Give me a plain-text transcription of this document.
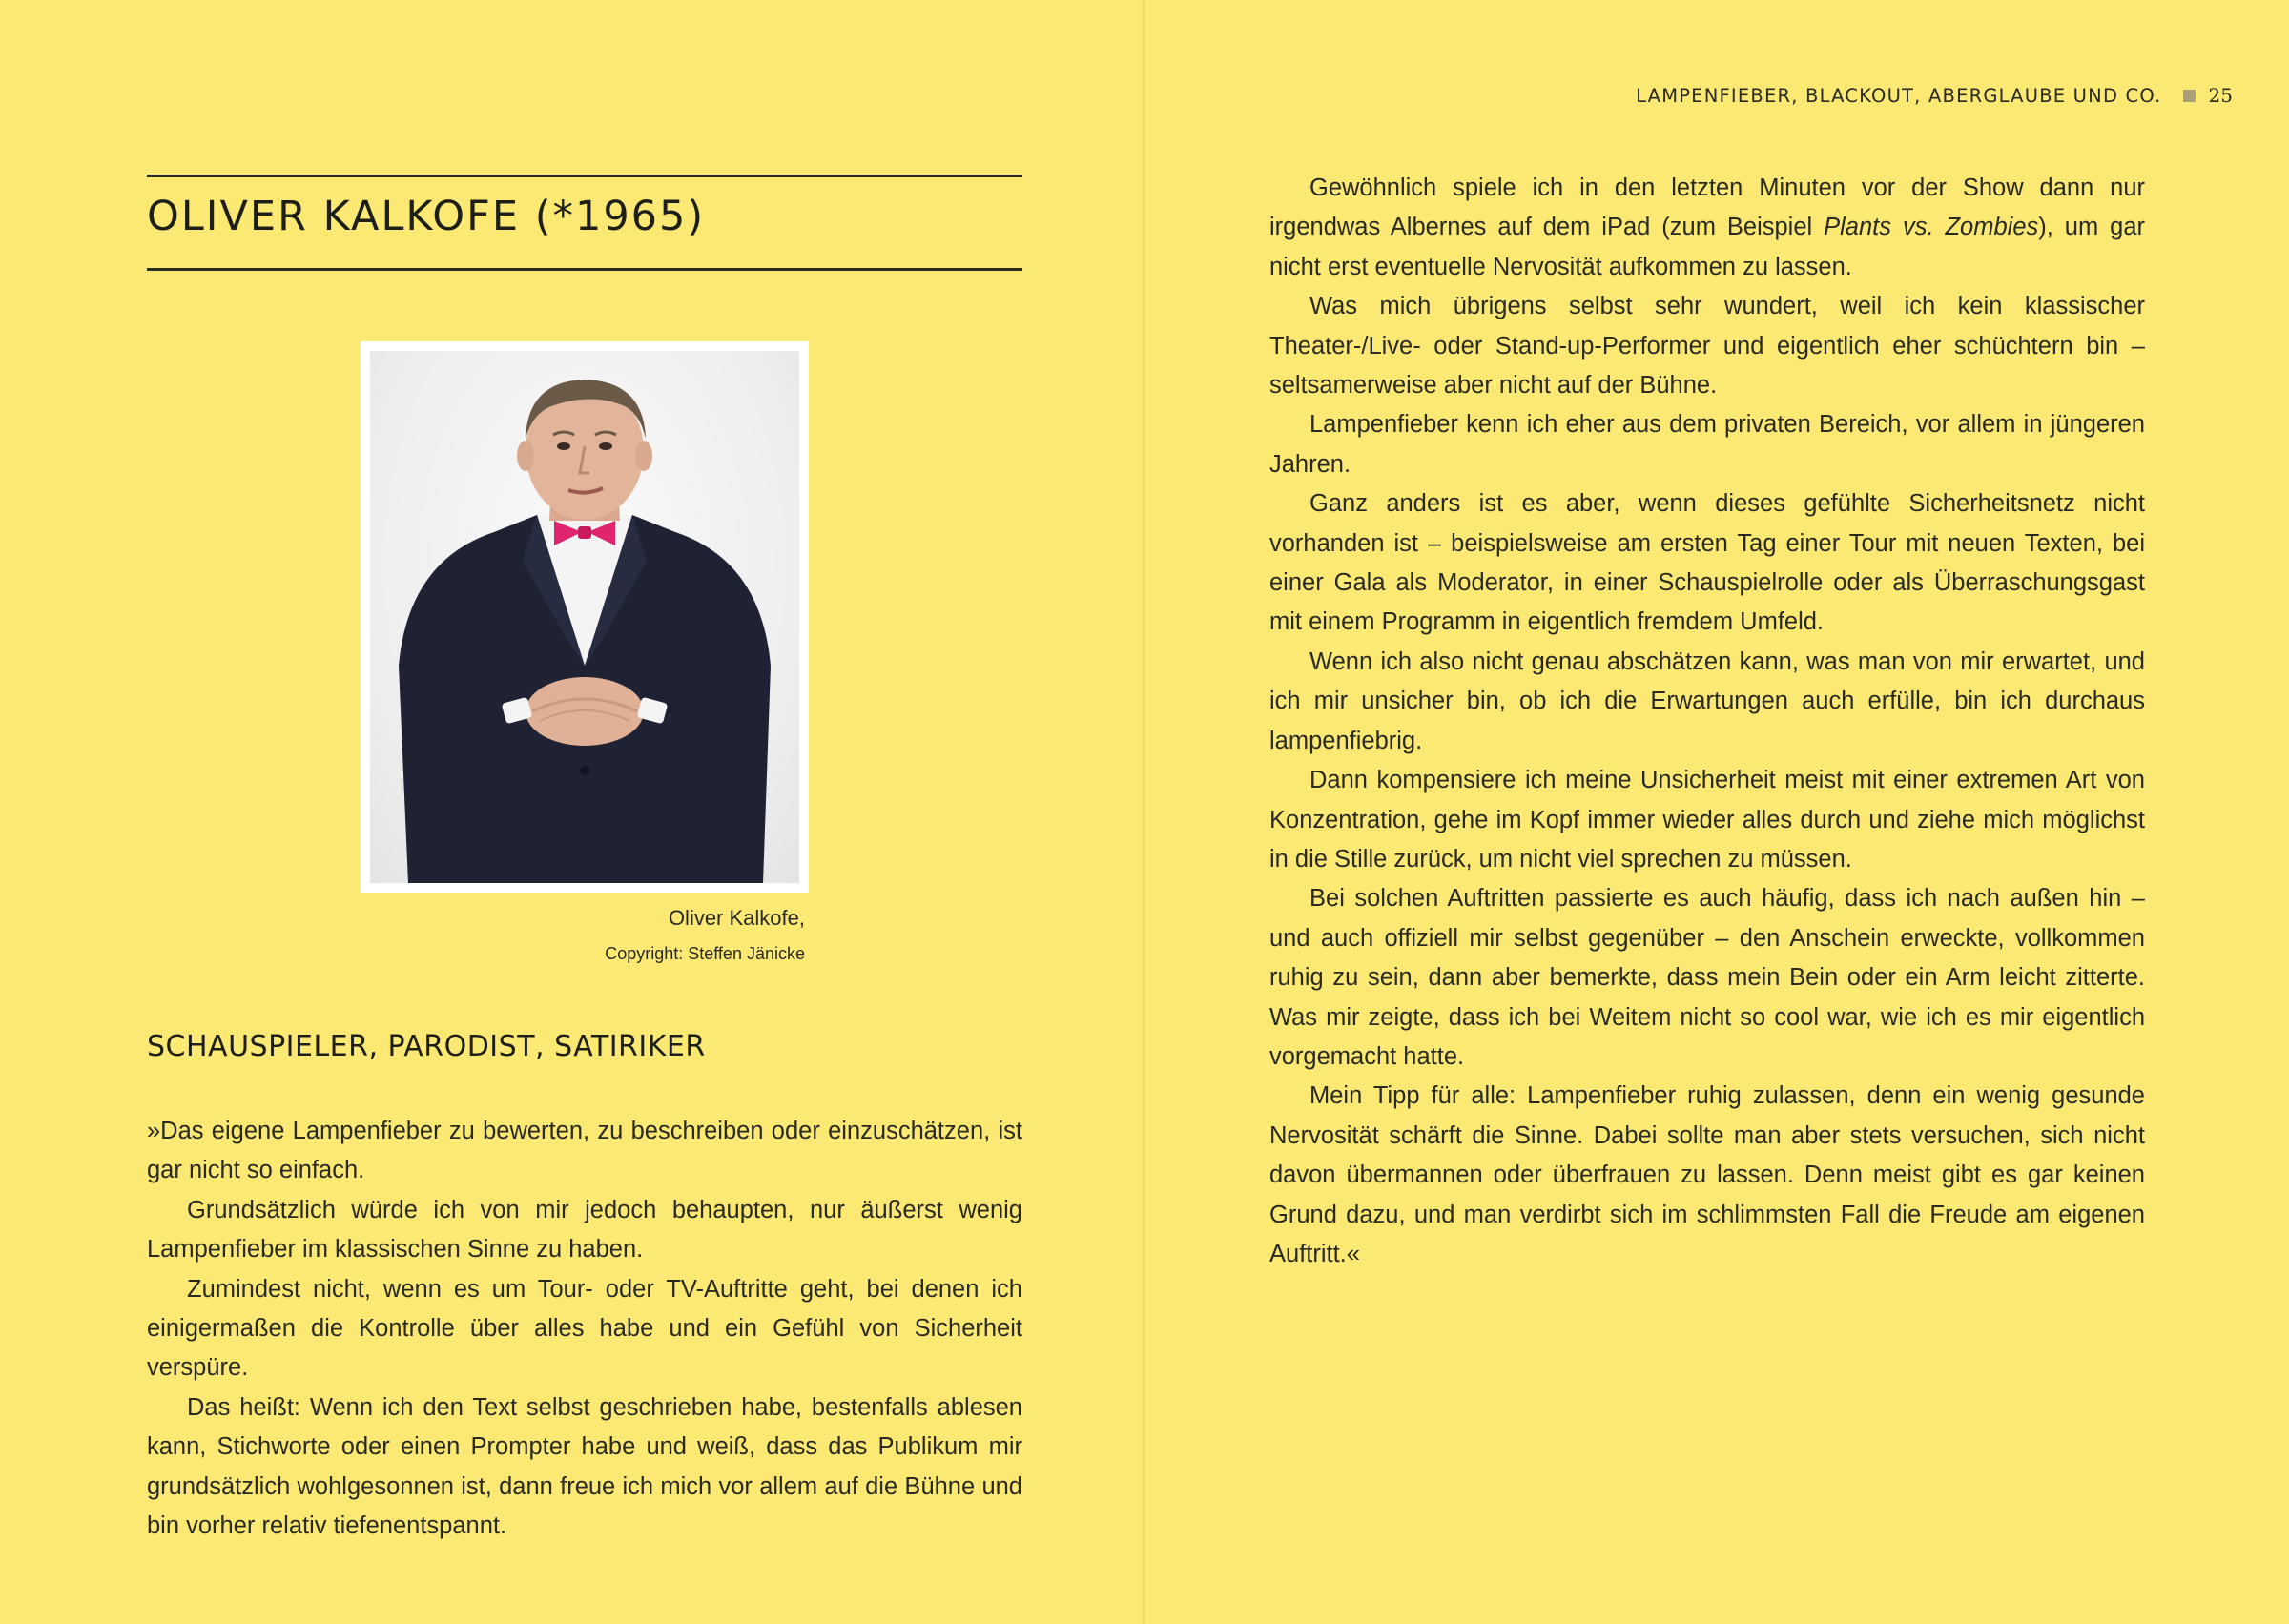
OLIVER KALKOFE (*1965)
Oliver Kalkofe,
Copyright: Steffen Jänicke
SCHAUSPIELER, PARODIST, SATIRIKER

»Das eigene Lampenfieber zu bewerten, zu beschreiben oder einzuschätzen, ist gar nicht so einfach.

Grundsätzlich würde ich von mir jedoch behaupten, nur äußerst wenig Lampenfieber im klassischen Sinne zu haben.

Zumindest nicht, wenn es um Tour- oder TV-Auftritte geht, bei denen ich einigermaßen die Kontrolle über alles habe und ein Gefühl von Sicherheit verspüre.

Das heißt: Wenn ich den Text selbst geschrieben habe, bestenfalls ablesen kann, Stichworte oder einen Prompter habe und weiß, dass das Publikum mir grundsätzlich wohlgesonnen ist, dann freue ich mich vor allem auf die Bühne und bin vorher relativ tiefenentspannt.

LAMPENFIEBER, BLACKOUT, ABERGLAUBE UND CO. 25

Gewöhnlich spiele ich in den letzten Minuten vor der Show dann nur irgendwas Albernes auf dem iPad (zum Beispiel Plants vs. Zombies), um gar nicht erst eventuelle Nervosität aufkommen zu lassen.

Was mich übrigens selbst sehr wundert, weil ich kein klassischer Theater-/Live- oder Stand-up-Performer und eigentlich eher schüchtern bin – seltsamerweise aber nicht auf der Bühne.

Lampenfieber kenn ich eher aus dem privaten Bereich, vor allem in jüngeren Jahren.

Ganz anders ist es aber, wenn dieses gefühlte Sicherheitsnetz nicht vorhanden ist – beispielsweise am ersten Tag einer Tour mit neuen Texten, bei einer Gala als Moderator, in einer Schauspielrolle oder als Überraschungsgast mit einem Programm in eigentlich fremdem Umfeld.

Wenn ich also nicht genau abschätzen kann, was man von mir erwartet, und ich mir unsicher bin, ob ich die Erwartungen auch erfülle, bin ich durchaus lampenfiebrig.

Dann kompensiere ich meine Unsicherheit meist mit einer extremen Art von Konzentration, gehe im Kopf immer wieder alles durch und ziehe mich möglichst in die Stille zurück, um nicht viel sprechen zu müssen.

Bei solchen Auftritten passierte es auch häufig, dass ich nach außen hin – und auch offiziell mir selbst gegenüber – den Anschein erweckte, vollkommen ruhig zu sein, dann aber bemerkte, dass mein Bein oder ein Arm leicht zitterte. Was mir zeigte, dass ich bei Weitem nicht so cool war, wie ich es mir eigentlich vorgemacht hatte.

Mein Tipp für alle: Lampenfieber ruhig zulassen, denn ein wenig gesunde Nervosität schärft die Sinne. Dabei sollte man aber stets versuchen, sich nicht davon übermannen oder überfrauen zu lassen. Denn meist gibt es gar keinen Grund dazu, und man verdirbt sich im schlimmsten Fall die Freude am eigenen Auftritt.«
